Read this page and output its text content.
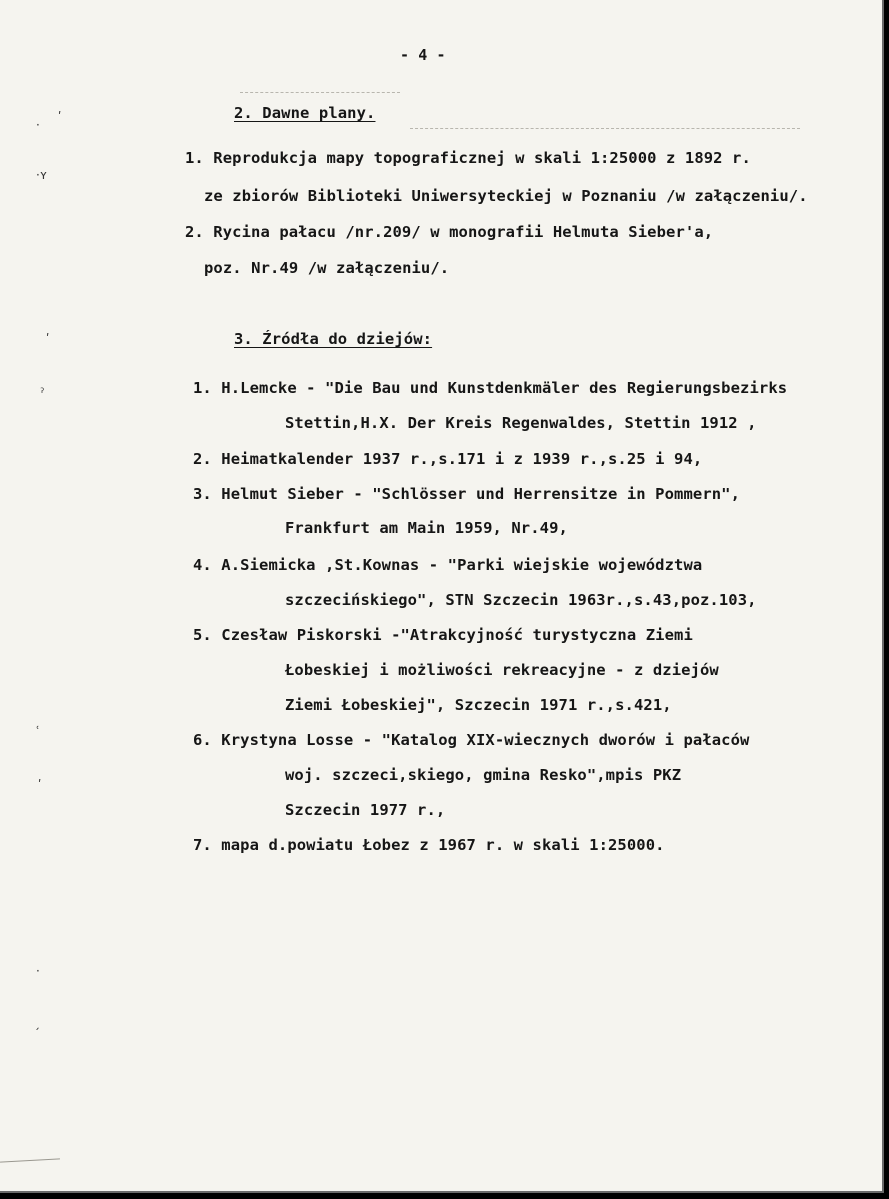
- 4 -
2. Dawne plany.
1. Reprodukcja mapy topograficznej w skali 1:25000 z 1892 r.
ze zbiorów Biblioteki Uniwersyteckiej w Poznaniu /w załączeniu/.
2. Rycina pałacu /nr.209/ w monografii Helmuta Sieber'a,
poz. Nr.49 /w załączeniu/.
3. Źródła do dziejów:
1. H.Lemcke - "Die Bau und Kunstdenkmäler des Regierungsbezirks
Stettin,H.X. Der Kreis Regenwaldes, Stettin 1912 ,
2. Heimatkalender 1937 r.,s.171 i z 1939 r.,s.25 i 94,
3. Helmut Sieber - "Schlösser und Herrensitze in Pommern",
Frankfurt am Main 1959, Nr.49,
4. A.Siemicka ,St.Kownas - "Parki wiejskie województwa
szczecińskiego", STN Szczecin 1963r.,s.43,poz.103,
5. Czesław Piskorski -"Atrakcyjność turystyczna Ziemi
Łobeskiej i możliwości rekreacyjne - z dziejów
Ziemi Łobeskiej", Szczecin 1971 r.,s.421,
6. Krystyna Losse - "Katalog XIX-wiecznych dworów i pałaców
woj. szczeci,skiego, gmina Resko",mpis PKZ
Szczecin 1977 r.,
7. mapa d.powiatu Łobez z 1967 r. w skali 1:25000.
·
ʹ
·ʏ
ʹ
ˀ
ʿ
ʹ
·
ˏ
